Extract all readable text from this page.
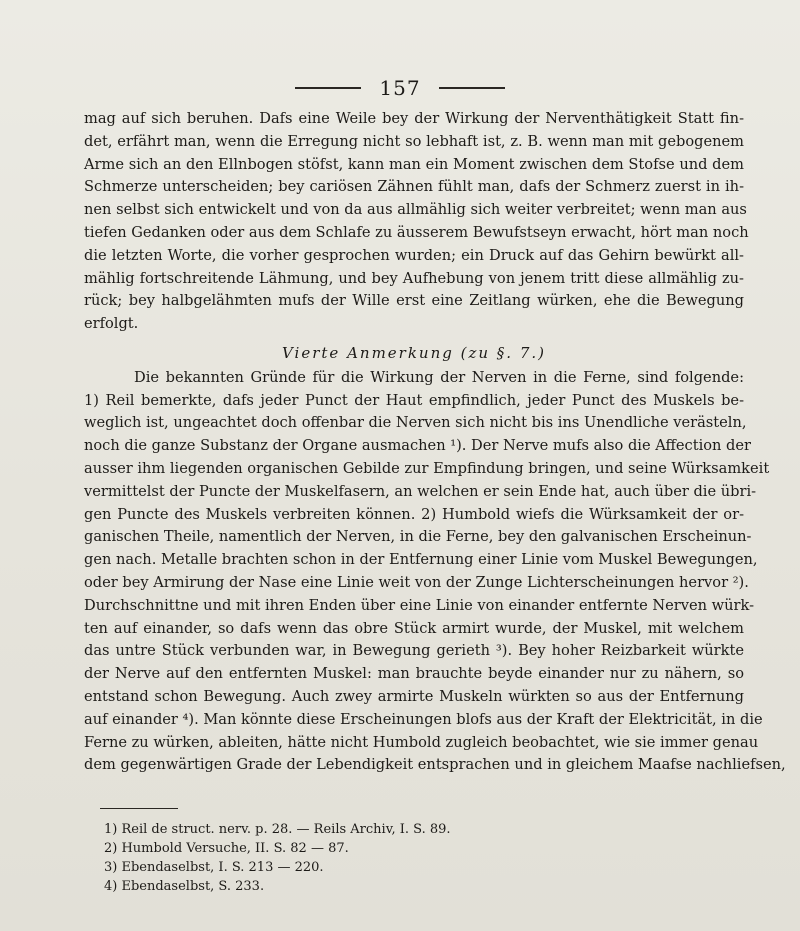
157
mag auf sich beruhen. Dafs eine Weile bey der Wirkung der Nerventhätigkeit Statt fin-
det, erfährt man, wenn die Erregung nicht so lebhaft ist, z. B. wenn man mit gebogenem
Arme sich an den Ellnbogen stöfst, kann man ein Moment zwischen dem Stofse und dem
Schmerze unterscheiden; bey cariösen Zähnen fühlt man, dafs der Schmerz zuerst in ih-
nen selbst sich entwickelt und von da aus allmählig sich weiter verbreitet; wenn man aus
tiefen Gedanken oder aus dem Schlafe zu äusserem Bewufstseyn erwacht, hört man noch
die letzten Worte, die vorher gesprochen wurden; ein Druck auf das Gehirn bewürkt all-
mählig fortschreitende Lähmung, und bey Aufhebung von jenem tritt diese allmählig zu-
rück; bey halbgelähmten mufs der Wille erst eine Zeitlang würken, ehe die Bewegung
erfolgt.
Vierte Anmerkung (zu §. 7.)
Die bekannten Gründe für die Wirkung der Nerven in die Ferne, sind folgende:
1) Reil bemerkte, dafs jeder Punct der Haut empfindlich, jeder Punct des Muskels be-
weglich ist, ungeachtet doch offenbar die Nerven sich nicht bis ins Unendliche verästeln,
noch die ganze Substanz der Organe ausmachen ¹). Der Nerve mufs also die Affection der
ausser ihm liegenden organischen Gebilde zur Empfindung bringen, und seine Würksamkeit
vermittelst der Puncte der Muskelfasern, an welchen er sein Ende hat, auch über die übri-
gen Puncte des Muskels verbreiten können. 2) Humbold wiefs die Würksamkeit der or-
ganischen Theile, namentlich der Nerven, in die Ferne, bey den galvanischen Erscheinun-
gen nach. Metalle brachten schon in der Entfernung einer Linie vom Muskel Bewegungen,
oder bey Armirung der Nase eine Linie weit von der Zunge Lichterscheinungen hervor ²).
Durchschnittne und mit ihren Enden über eine Linie von einander entfernte Nerven würk-
ten auf einander, so dafs wenn das obre Stück armirt wurde, der Muskel, mit welchem
das untre Stück verbunden war, in Bewegung gerieth ³). Bey hoher Reizbarkeit würkte
der Nerve auf den entfernten Muskel: man brauchte beyde einander nur zu nähern, so
entstand schon Bewegung. Auch zwey armirte Muskeln würkten so aus der Entfernung
auf einander ⁴). Man könnte diese Erscheinungen blofs aus der Kraft der Elektricität, in die
Ferne zu würken, ableiten, hätte nicht Humbold zugleich beobachtet, wie sie immer genau
dem gegenwärtigen Grade der Lebendigkeit entsprachen und in gleichem Maafse nachliefsen,
1) Reil de struct. nerv. p. 28. — Reils Archiv, I. S. 89.
2) Humbold Versuche, II. S. 82 — 87.
3) Ebendaselbst, I. S. 213 — 220.
4) Ebendaselbst, S. 233.
